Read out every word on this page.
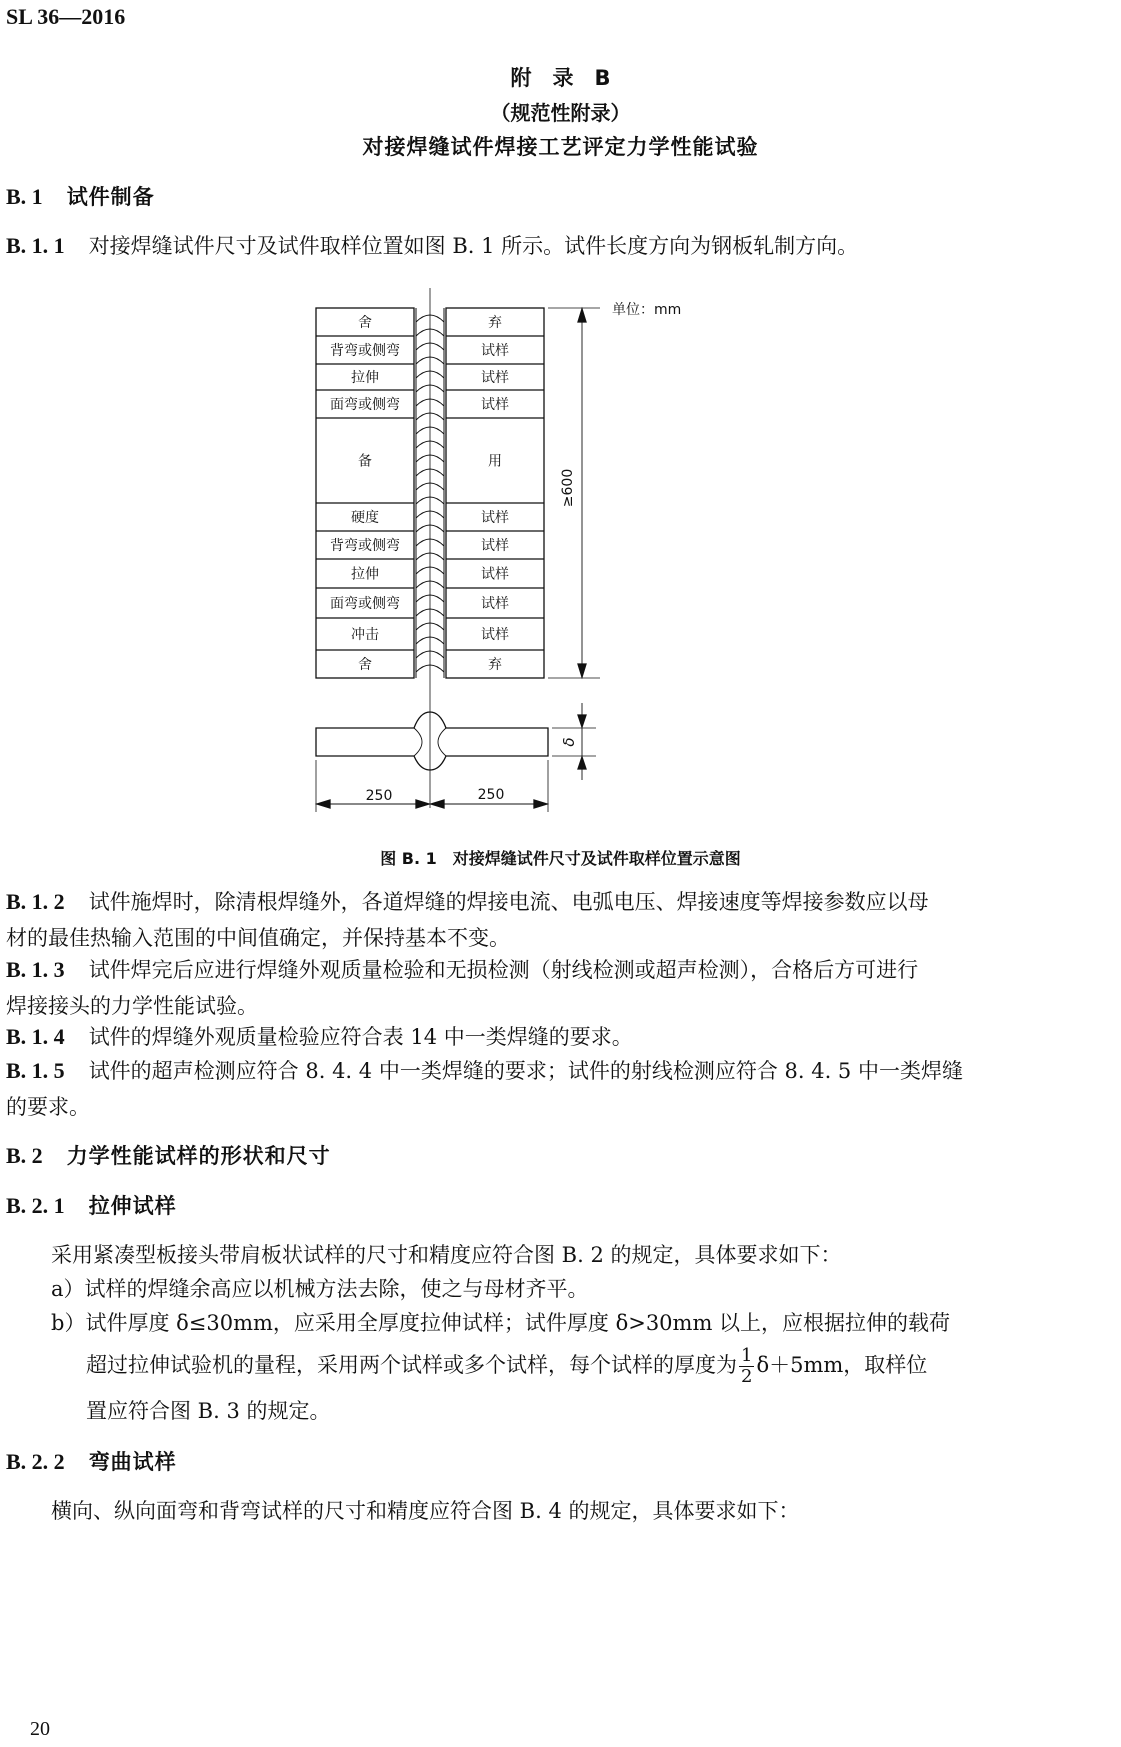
SL 36—2016
附　录　B
（规范性附录）
对接焊缝试件焊接工艺评定力学性能试验
B. 1 试件制备
B. 1. 1 对接焊缝试件尺寸及试件取样位置如图 B. 1 所示。试件长度方向为钢板轧制方向。
舍	弃
背弯或侧弯	试样
拉伸	试样
面弯或侧弯	试样
备	用
硬度	试样
背弯或侧弯	试样
拉伸	试样
面弯或侧弯	试样
冲击	试样
舍	弃
单位：mm
≥600
δ
250	250
图 B. 1　对接焊缝试件尺寸及试件取样位置示意图
B. 1. 2 试件施焊时，除清根焊缝外，各道焊缝的焊接电流、电弧电压、焊接速度等焊接参数应以母
材的最佳热输入范围的中间值确定，并保持基本不变。
B. 1. 3 试件焊完后应进行焊缝外观质量检验和无损检测（射线检测或超声检测），合格后方可进行
焊接接头的力学性能试验。
B. 1. 4 试件的焊缝外观质量检验应符合表 14 中一类焊缝的要求。
B. 1. 5 试件的超声检测应符合 8. 4. 4 中一类焊缝的要求；试件的射线检测应符合 8. 4. 5 中一类焊缝
的要求。
B. 2 力学性能试样的形状和尺寸
B. 2. 1 拉伸试样
采用紧凑型板接头带肩板状试样的尺寸和精度应符合图 B. 2 的规定，具体要求如下：
a）试样的焊缝余高应以机械方法去除，使之与母材齐平。
b）试件厚度 δ≤30mm，应采用全厚度拉伸试样；试件厚度 δ>30mm 以上，应根据拉伸的载荷
超过拉伸试验机的量程，采用两个试样或多个试样，每个试样的厚度为 $\frac{1}{2} \delta+5mm$，取样位
置应符合图 B. 3 的规定。
B. 2. 2 弯曲试样
横向、纵向面弯和背弯试样的尺寸和精度应符合图 B. 4 的规定，具体要求如下：
20
